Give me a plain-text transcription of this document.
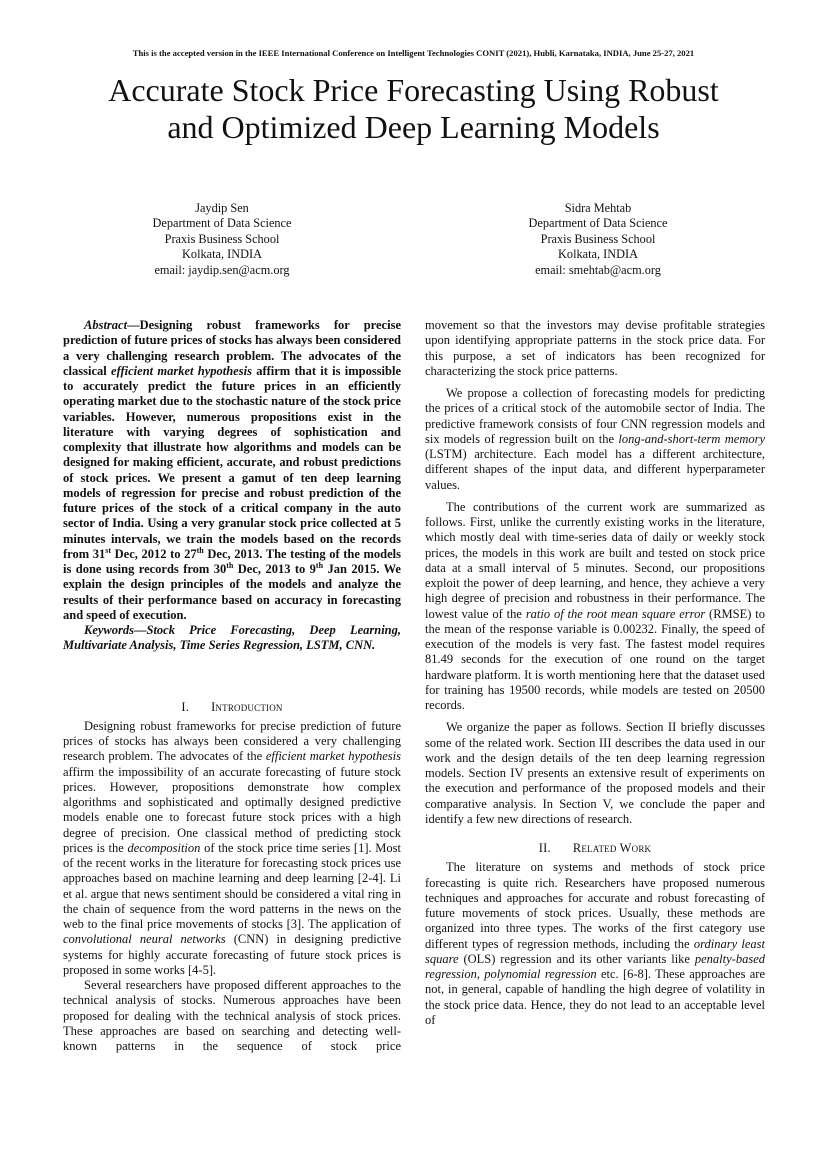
This is the accepted version in the IEEE International Conference on Intelligent Technologies CONIT (2021), Hubli, Karnataka, INDIA, June 25-27, 2021
Accurate Stock Price Forecasting Using Robust
and Optimized Deep Learning Models
Jaydip Sen
Department of Data Science
Praxis Business School
Kolkata, INDIA
email: jaydip.sen@acm.org
Sidra Mehtab
Department of Data Science
Praxis Business School
Kolkata, INDIA
email: smehtab@acm.org

Abstract—Designing robust frameworks for precise prediction of future prices of stocks has always been considered a very challenging research problem. The advocates of the classical efficient market hypothesis affirm that it is impossible to accurately predict the future prices in an efficiently operating market due to the stochastic nature of the stock price variables. However, numerous propositions exist in the literature with varying degrees of sophistication and complexity that illustrate how algorithms and models can be designed for making efficient, accurate, and robust predictions of stock prices. We present a gamut of ten deep learning models of regression for precise and robust prediction of the future prices of the stock of a critical company in the auto sector of India. Using a very granular stock price collected at 5 minutes intervals, we train the models based on the records from 31st Dec, 2012 to 27th Dec, 2013. The testing of the models is done using records from 30th Dec, 2013 to 9th Jan 2015. We explain the design principles of the models and analyze the results of their performance based on accuracy in forecasting and speed of execution.

Keywords—Stock Price Forecasting, Deep Learning, Multivariate Analysis, Time Series Regression, LSTM, CNN.

I. Introduction

Designing robust frameworks for precise prediction of future prices of stocks has always been considered a very challenging research problem. The advocates of the efficient market hypothesis affirm the impossibility of an accurate forecasting of future stock prices. However, propositions demonstrate how complex algorithms and sophisticated and optimally designed predictive models enable one to forecast future stock prices with a high degree of precision. One classical method of predicting stock prices is the decomposition of the stock price time series [1]. Most of the recent works in the literature for forecasting stock prices use approaches based on machine learning and deep learning [2-4]. Li et al. argue that news sentiment should be considered a vital ring in the chain of sequence from the word patterns in the news on the web to the final price movements of stocks [3]. The application of convolutional neural networks (CNN) in designing predictive systems for highly accurate forecasting of future stock prices is proposed in some works [4-5].

Several researchers have proposed different approaches to the technical analysis of stocks. Numerous approaches have been proposed for dealing with the technical analysis of stock prices. These approaches are based on searching and detecting well-known patterns in the sequence of stock price

movement so that the investors may devise profitable strategies upon identifying appropriate patterns in the stock price data. For this purpose, a set of indicators has been recognized for characterizing the stock price patterns.

We propose a collection of forecasting models for predicting the prices of a critical stock of the automobile sector of India. The predictive framework consists of four CNN regression models and six models of regression built on the long-and-short-term memory (LSTM) architecture. Each model has a different architecture, different shapes of the input data, and different hyperparameter values.

The contributions of the current work are summarized as follows. First, unlike the currently existing works in the literature, which mostly deal with time-series data of daily or weekly stock prices, the models in this work are built and tested on stock price data at a small interval of 5 minutes. Second, our propositions exploit the power of deep learning, and hence, they achieve a very high degree of precision and robustness in their performance. The lowest value of the ratio of the root mean square error (RMSE) to the mean of the response variable is 0.00232. Finally, the speed of execution of the models is very fast. The fastest model requires 81.49 seconds for the execution of one round on the target hardware platform. It is worth mentioning here that the dataset used for training has 19500 records, while models are tested on 20500 records.

We organize the paper as follows. Section II briefly discusses some of the related work. Section III describes the data used in our work and the design details of the ten deep learning regression models. Section IV presents an extensive result of experiments on the execution and performance of the proposed models and their comparative analysis. In Section V, we conclude the paper and identify a few new directions of research.

II. Related Work

The literature on systems and methods of stock price forecasting is quite rich. Researchers have proposed numerous techniques and approaches for accurate and robust forecasting of future movements of stock prices. Usually, these methods are organized into three types. The works of the first category use different types of regression methods, including the ordinary least square (OLS) regression and its other variants like penalty-based regression, polynomial regression etc. [6-8]. These approaches are not, in general, capable of handling the high degree of volatility in the stock price data. Hence, they do not lead to an acceptable level of
